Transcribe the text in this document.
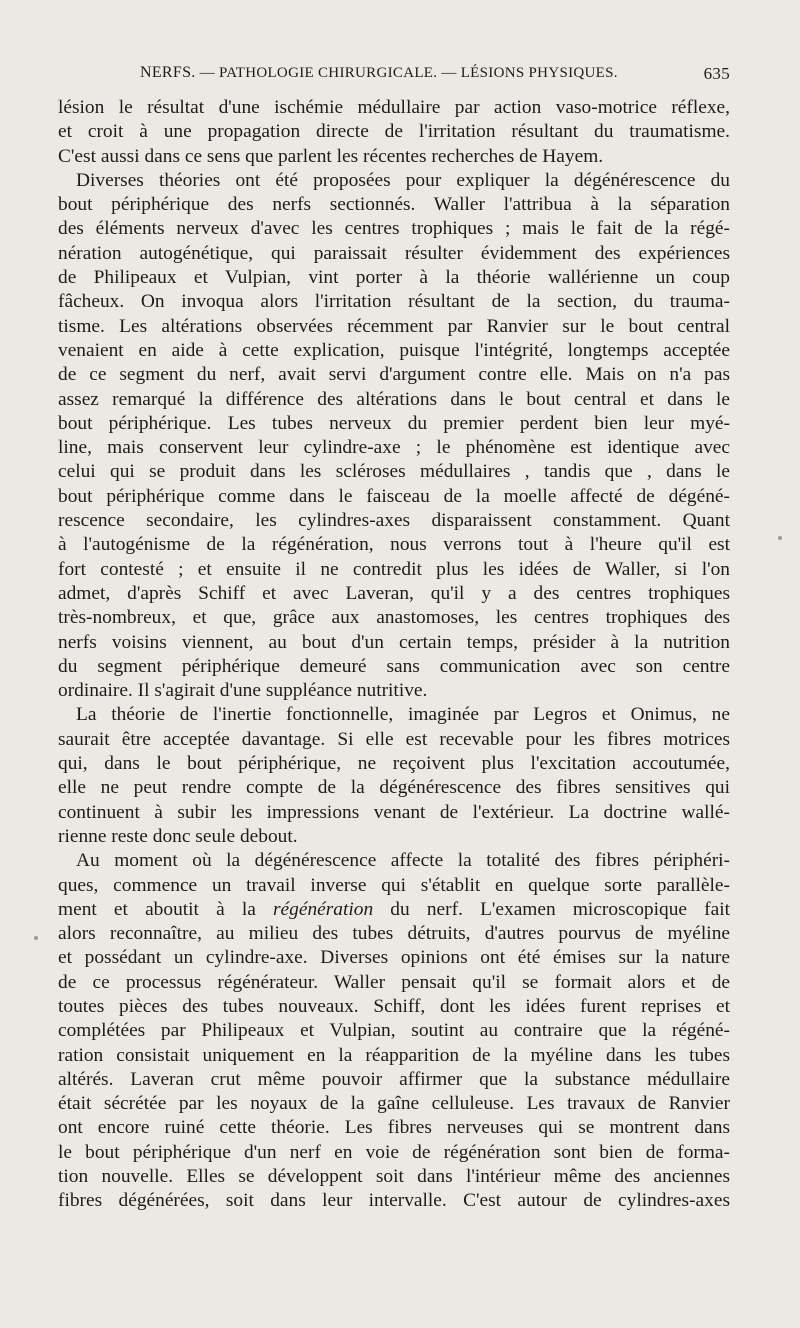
NERFS. — PATHOLOGIE CHIRURGICALE. — LÉSIONS PHYSIQUES.	635
lésion le résultat d'une ischémie médullaire par action vaso-motrice réflexe,
et croit à une propagation directe de l'irritation résultant du traumatisme.
C'est aussi dans ce sens que parlent les récentes recherches de Hayem.
Diverses théories ont été proposées pour expliquer la dégénérescence du
bout périphérique des nerfs sectionnés. Waller l'attribua à la séparation
des éléments nerveux d'avec les centres trophiques ; mais le fait de la régé-
nération autogénétique, qui paraissait résulter évidemment des expériences
de Philipeaux et Vulpian, vint porter à la théorie wallérienne un coup
fâcheux. On invoqua alors l'irritation résultant de la section, du trauma-
tisme. Les altérations observées récemment par Ranvier sur le bout central
venaient en aide à cette explication, puisque l'intégrité, longtemps acceptée
de ce segment du nerf, avait servi d'argument contre elle. Mais on n'a pas
assez remarqué la différence des altérations dans le bout central et dans le
bout périphérique. Les tubes nerveux du premier perdent bien leur myé-
line, mais conservent leur cylindre-axe ; le phénomène est identique avec
celui qui se produit dans les scléroses médullaires , tandis que , dans le
bout périphérique comme dans le faisceau de la moelle affecté de dégéné-
rescence secondaire, les cylindres-axes disparaissent constamment. Quant
à l'autogénisme de la régénération, nous verrons tout à l'heure qu'il est
fort contesté ; et ensuite il ne contredit plus les idées de Waller, si l'on
admet, d'après Schiff et avec Laveran, qu'il y a des centres trophiques
très-nombreux, et que, grâce aux anastomoses, les centres trophiques des
nerfs voisins viennent, au bout d'un certain temps, présider à la nutrition
du segment périphérique demeuré sans communication avec son centre
ordinaire. Il s'agirait d'une suppléance nutritive.
La théorie de l'inertie fonctionnelle, imaginée par Legros et Onimus, ne
saurait être acceptée davantage. Si elle est recevable pour les fibres motrices
qui, dans le bout périphérique, ne reçoivent plus l'excitation accoutumée,
elle ne peut rendre compte de la dégénérescence des fibres sensitives qui
continuent à subir les impressions venant de l'extérieur. La doctrine wallé-
rienne reste donc seule debout.
Au moment où la dégénérescence affecte la totalité des fibres périphéri-
ques, commence un travail inverse qui s'établit en quelque sorte parallèle-
ment et aboutit à la régénération du nerf. L'examen microscopique fait
alors reconnaître, au milieu des tubes détruits, d'autres pourvus de myéline
et possédant un cylindre-axe. Diverses opinions ont été émises sur la nature
de ce processus régénérateur. Waller pensait qu'il se formait alors et de
toutes pièces des tubes nouveaux. Schiff, dont les idées furent reprises et
complétées par Philipeaux et Vulpian, soutint au contraire que la régéné-
ration consistait uniquement en la réapparition de la myéline dans les tubes
altérés. Laveran crut même pouvoir affirmer que la substance médullaire
était sécrétée par les noyaux de la gaîne celluleuse. Les travaux de Ranvier
ont encore ruiné cette théorie. Les fibres nerveuses qui se montrent dans
le bout périphérique d'un nerf en voie de régénération sont bien de forma-
tion nouvelle. Elles se développent soit dans l'intérieur même des anciennes
fibres dégénérées, soit dans leur intervalle. C'est autour de cylindres-axes
